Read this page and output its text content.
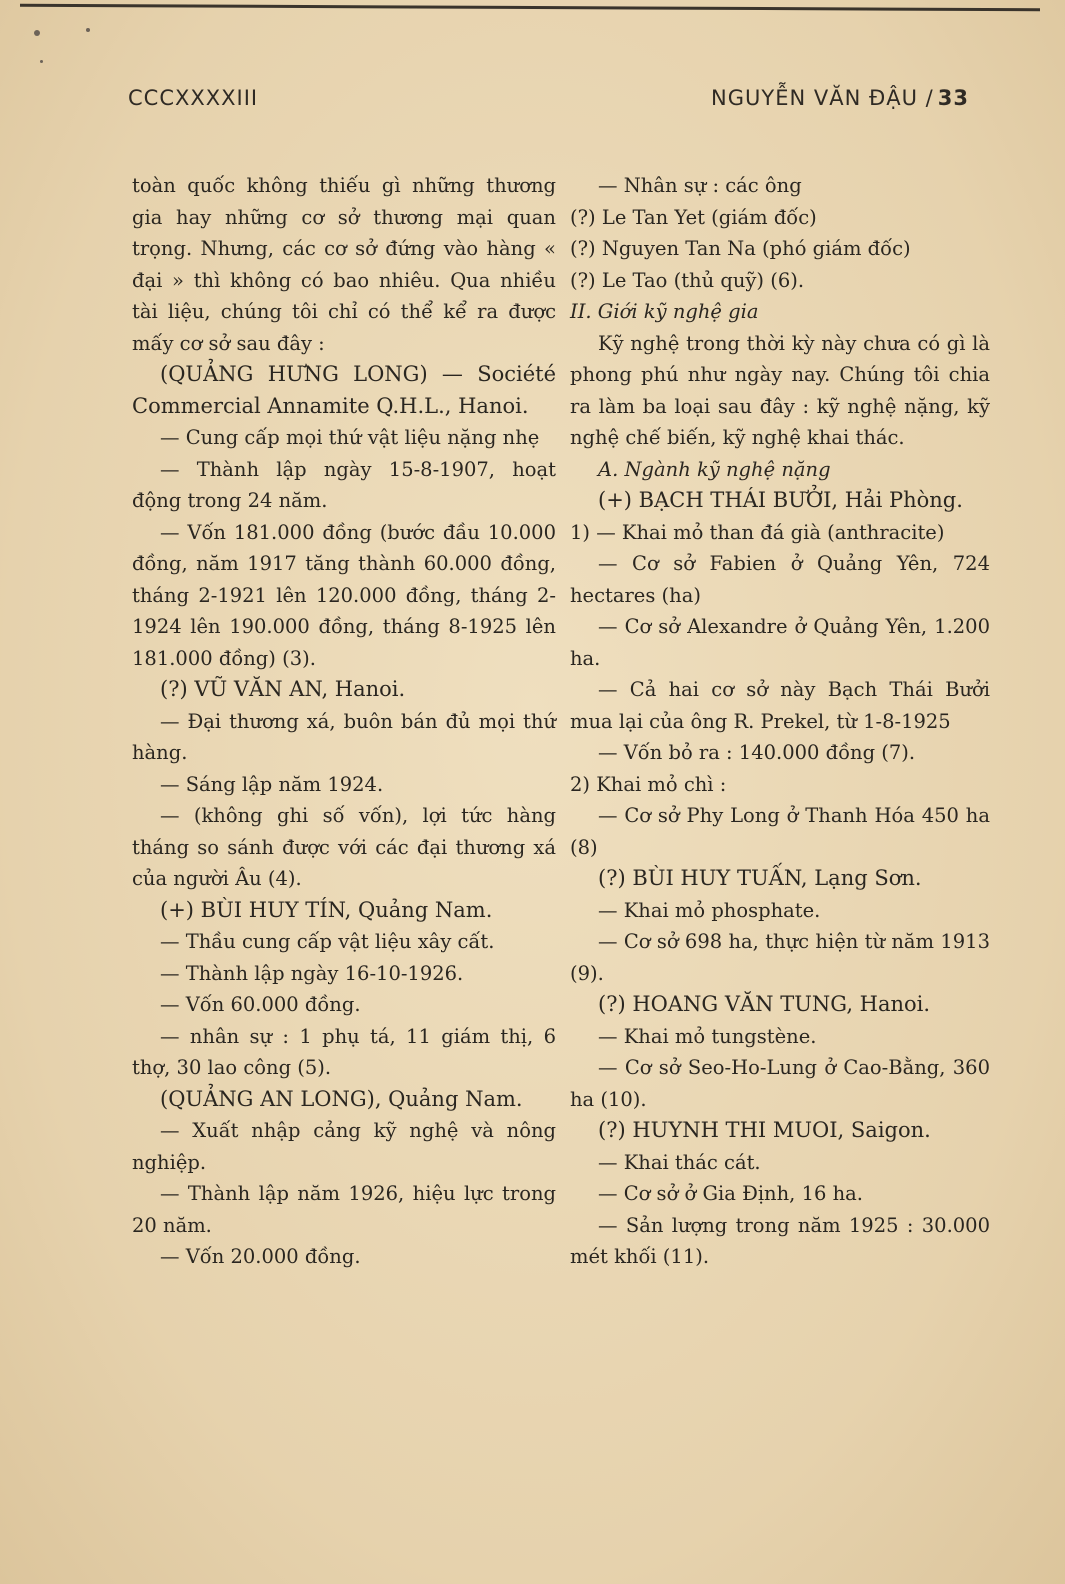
CCCXXXXIII	NGUYỄN VĂN ĐẬU / 33

toàn quốc không thiếu gì những thương gia hay những cơ sở thương mại quan trọng. Nhưng, các cơ sở đứng vào hàng « đại » thì không có bao nhiêu. Qua nhiều tài liệu, chúng tôi chỉ có thể kể ra được mấy cơ sở sau đây :

(QUẢNG HƯNG LONG) — Société Commercial Annamite Q.H.L., Hanoi.

— Cung cấp mọi thứ vật liệu nặng nhẹ

— Thành lập ngày 15-8-1907, hoạt động trong 24 năm.

— Vốn 181.000 đồng (bước đầu 10.000 đồng, năm 1917 tăng thành 60.000 đồng, tháng 2-1921 lên 120.000 đồng, tháng 2-1924 lên 190.000 đồng, tháng 8-1925 lên 181.000 đồng) (3).

(?) VŨ VĂN AN, Hanoi.

— Đại thương xá, buôn bán đủ mọi thứ hàng.

— Sáng lập năm 1924.

— (không ghi số vốn), lợi tức hàng tháng so sánh được với các đại thương xá của người Âu (4).

(+) BÙI HUY TÍN, Quảng Nam.

— Thầu cung cấp vật liệu xây cất.

— Thành lập ngày 16-10-1926.

— Vốn 60.000 đồng.

— nhân sự : 1 phụ tá, 11 giám thị, 6 thợ, 30 lao công (5).

(QUẢNG AN LONG), Quảng Nam.

— Xuất nhập cảng kỹ nghệ và nông nghiệp.

— Thành lập năm 1926, hiệu lực trong 20 năm.

— Vốn 20.000 đồng.

— Nhân sự : các ông

(?) Le Tan Yet (giám đốc)

(?) Nguyen Tan Na (phó giám đốc)

(?) Le Tao (thủ quỹ) (6).

II. Giới kỹ nghệ gia

Kỹ nghệ trong thời kỳ này chưa có gì là phong phú như ngày nay. Chúng tôi chia ra làm ba loại sau đây : kỹ nghệ nặng, kỹ nghệ chế biến, kỹ nghệ khai thác.

A. Ngành kỹ nghệ nặng

(+) BẠCH THÁI BƯỞI, Hải Phòng.

1) — Khai mỏ than đá già (anthracite)

— Cơ sở Fabien ở Quảng Yên, 724 hectares (ha)

— Cơ sở Alexandre ở Quảng Yên, 1.200 ha.

— Cả hai cơ sở này Bạch Thái Bưởi mua lại của ông R. Prekel, từ 1-8-1925

— Vốn bỏ ra : 140.000 đồng (7).

2) Khai mỏ chì :

— Cơ sở Phy Long ở Thanh Hóa 450 ha (8)

(?) BÙI HUY TUẤN, Lạng Sơn.

— Khai mỏ phosphate.

— Cơ sở 698 ha, thực hiện từ năm 1913 (9).

(?) HOANG VĂN TUNG, Hanoi.

— Khai mỏ tungstène.

— Cơ sở Seo-Ho-Lung ở Cao-Bằng, 360 ha (10).

(?) HUYNH THI MUOI, Saigon.

— Khai thác cát.

— Cơ sở ở Gia Định, 16 ha.

— Sản lượng trong năm 1925 : 30.000 mét khối (11).
